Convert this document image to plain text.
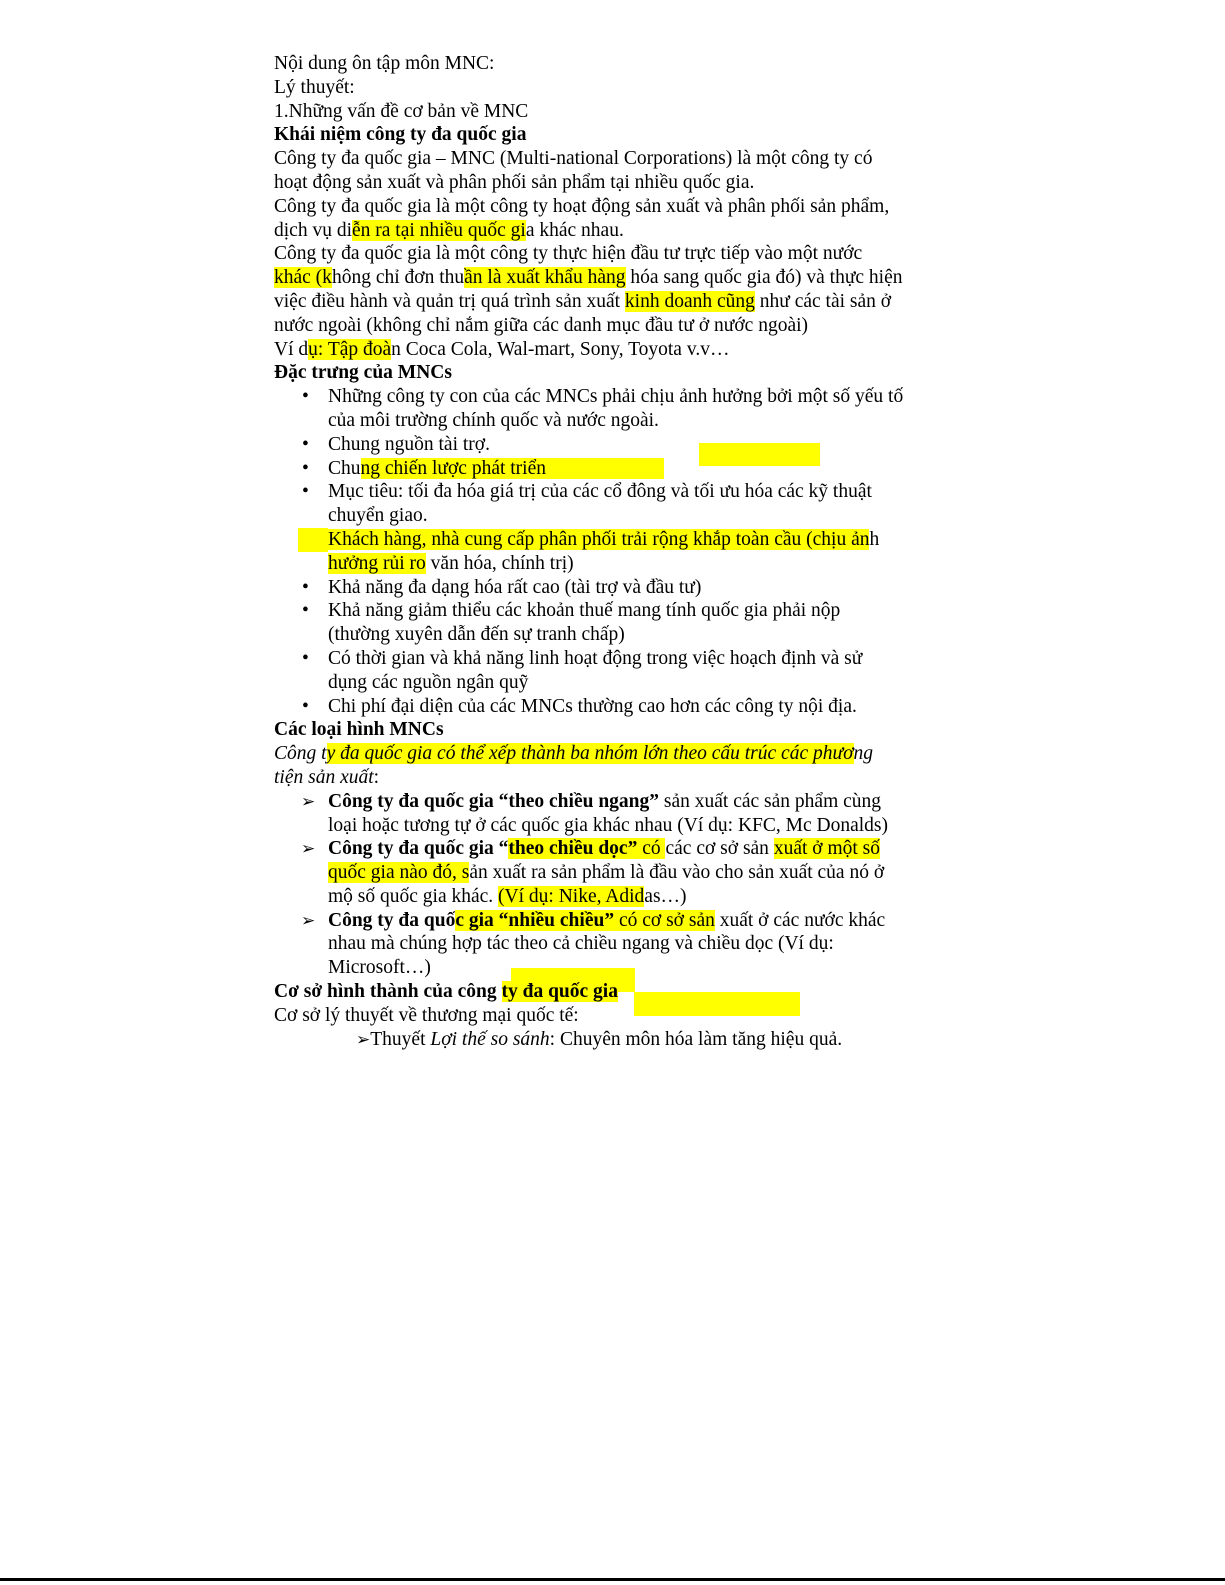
Nội dung ôn tập môn MNC:
Lý thuyết:
1.Những vấn đề cơ bản về MNC
Khái niệm công ty đa quốc gia
Công ty đa quốc gia – MNC (Multi-national Corporations) là một công ty có
hoạt động sản xuất và phân phối sản phẩm tại nhiều quốc gia.
Công ty đa quốc gia là một công ty hoạt động sản xuất và phân phối sản phẩm,
dịch vụ diễn ra tại nhiều quốc gia khác nhau.
Công ty đa quốc gia là một công ty thực hiện đầu tư trực tiếp vào một nước
khác (không chỉ đơn thuần là xuất khẩu hàng hóa sang quốc gia đó) và thực hiện
việc điều hành và quản trị quá trình sản xuất kinh doanh cũng như các tài sản ở
nước ngoài (không chỉ nắm giữa các danh mục đầu tư ở nước ngoài)
Ví dụ: Tập đoàn Coca Cola, Wal-mart, Sony, Toyota v.v…
Đặc trưng của MNCs
• Những công ty con của các MNCs phải chịu ảnh hưởng bởi một số yếu tố
của môi trường chính quốc và nước ngoài.
• Chung nguồn tài trợ.
• Chung chiến lược phát triển
• Mục tiêu: tối đa hóa giá trị của các cổ đông và tối ưu hóa các kỹ thuật
chuyển giao.
Khách hàng, nhà cung cấp phân phối trải rộng khắp toàn cầu (chịu ảnh
hưởng rủi ro văn hóa, chính trị)
• Khả năng đa dạng hóa rất cao (tài trợ và đầu tư)
• Khả năng giảm thiểu các khoản thuế mang tính quốc gia phải nộp
(thường xuyên dẫn đến sự tranh chấp)
• Có thời gian và khả năng linh hoạt động trong việc hoạch định và sử
dụng các nguồn ngân quỹ
• Chi phí đại diện của các MNCs thường cao hơn các công ty nội địa.
Các loại hình MNCs
Công ty đa quốc gia có thể xếp thành ba nhóm lớn theo cấu trúc các phương
tiện sản xuất:
➢ Công ty đa quốc gia “theo chiều ngang” sản xuất các sản phẩm cùng
loại hoặc tương tự ở các quốc gia khác nhau (Ví dụ: KFC, Mc Donalds)
➢ Công ty đa quốc gia “theo chiều dọc” có các cơ sở sản xuất ở một số
quốc gia nào đó, sản xuất ra sản phẩm là đầu vào cho sản xuất của nó ở
mộ số quốc gia khác. (Ví dụ: Nike, Adidas…)
➢ Công ty đa quốc gia “nhiều chiều” có cơ sở sản xuất ở các nước khác
nhau mà chúng hợp tác theo cả chiều ngang và chiều dọc (Ví dụ:
Microsoft…)
Cơ sở hình thành của công ty đa quốc gia
Cơ sở lý thuyết về thương mại quốc tế:
➢Thuyết Lợi thế so sánh: Chuyên môn hóa làm tăng hiệu quả.
